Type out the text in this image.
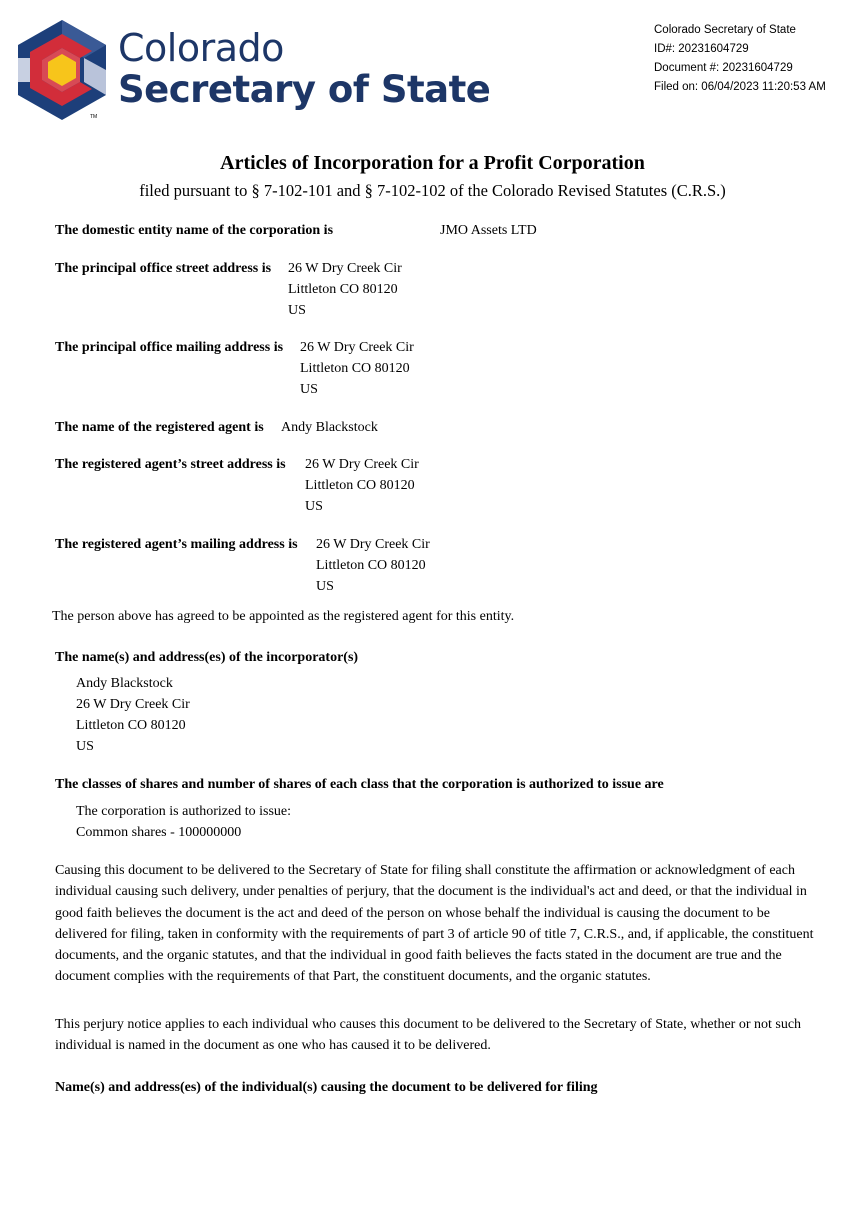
TM
Colorado
Secretary of State
Colorado Secretary of State
ID#: 20231604729
Document #: 20231604729
Filed on: 06/04/2023 11:20:53 AM
Articles of Incorporation for a Profit Corporation
filed pursuant to § 7-102-101 and § 7-102-102 of the Colorado Revised Statutes (C.R.S.)
The domestic entity name of the corporation is	JMO Assets LTD
The principal office street address is 26 W Dry Creek Cir
Littleton CO 80120
US
The principal office mailing address is 26 W Dry Creek Cir
Littleton CO 80120
US
The name of the registered agent is Andy Blackstock
The registered agent’s street address is 26 W Dry Creek Cir
Littleton CO 80120
US
The registered agent’s mailing address is 26 W Dry Creek Cir
Littleton CO 80120
US
The person above has agreed to be appointed as the registered agent for this entity.
The name(s) and address(es) of the incorporator(s)
Andy Blackstock
26 W Dry Creek Cir
Littleton CO 80120
US
The classes of shares and number of shares of each class that the corporation is authorized to issue are
The corporation is authorized to issue:
Common shares - 100000000
Causing this document to be delivered to the Secretary of State for filing shall constitute the affirmation or acknowledgment of each individual causing such delivery, under penalties of perjury, that the document is the individual's act and deed, or that the individual in good faith believes the document is the act and deed of the person on whose behalf the individual is causing the document to be delivered for filing, taken in conformity with the requirements of part 3 of article 90 of title 7, C.R.S., and, if applicable, the constituent documents, and the organic statutes, and that the individual in good faith believes the facts stated in the document are true and the document complies with the requirements of that Part, the constituent documents, and the organic statutes.
This perjury notice applies to each individual who causes this document to be delivered to the Secretary of State, whether or not such individual is named in the document as one who has caused it to be delivered.
Name(s) and address(es) of the individual(s) causing the document to be delivered for filing
